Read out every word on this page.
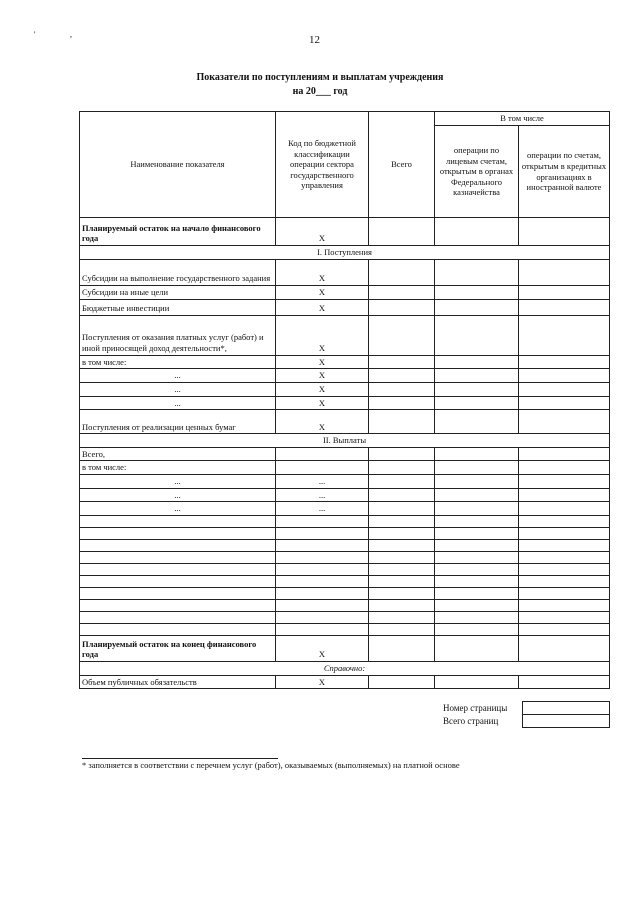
'	,	12
Показатели по поступлениям и выплатам учреждения
на 20___ год
Наименование показателя	Код по бюджетной классификации операции сектора государственного управления	Всего	В том числе	
			операции по лицевым счетам, открытым в органах Федерального казначейства	операции по счетам, открытым в кредитных организациях в иностранной валюте
Планируемый остаток на начало финансового года	X			
I. Поступления				
Субсидии на выполнение государственного задания	X			
Субсидии на иные цели	X			
Бюджетные инвестиции	X			
Поступления от оказания платных услуг (работ) и иной приносящей доход деятельности*,	X			
в том числе:	X			
...	X			
...	X			
...	X			
Поступления от реализации ценных бумаг	X			
II. Выплаты				
Всего,				
в том числе:				
...	...			
...	...			
...	...			

Планируемый остаток на конец финансового года	X			
Справочно:				
Объем публичных обязательств	X			
Номер страницы
Всего страниц
* заполняется в соответствии с перечнем услуг (работ), оказываемых (выполняемых) на платной основе
